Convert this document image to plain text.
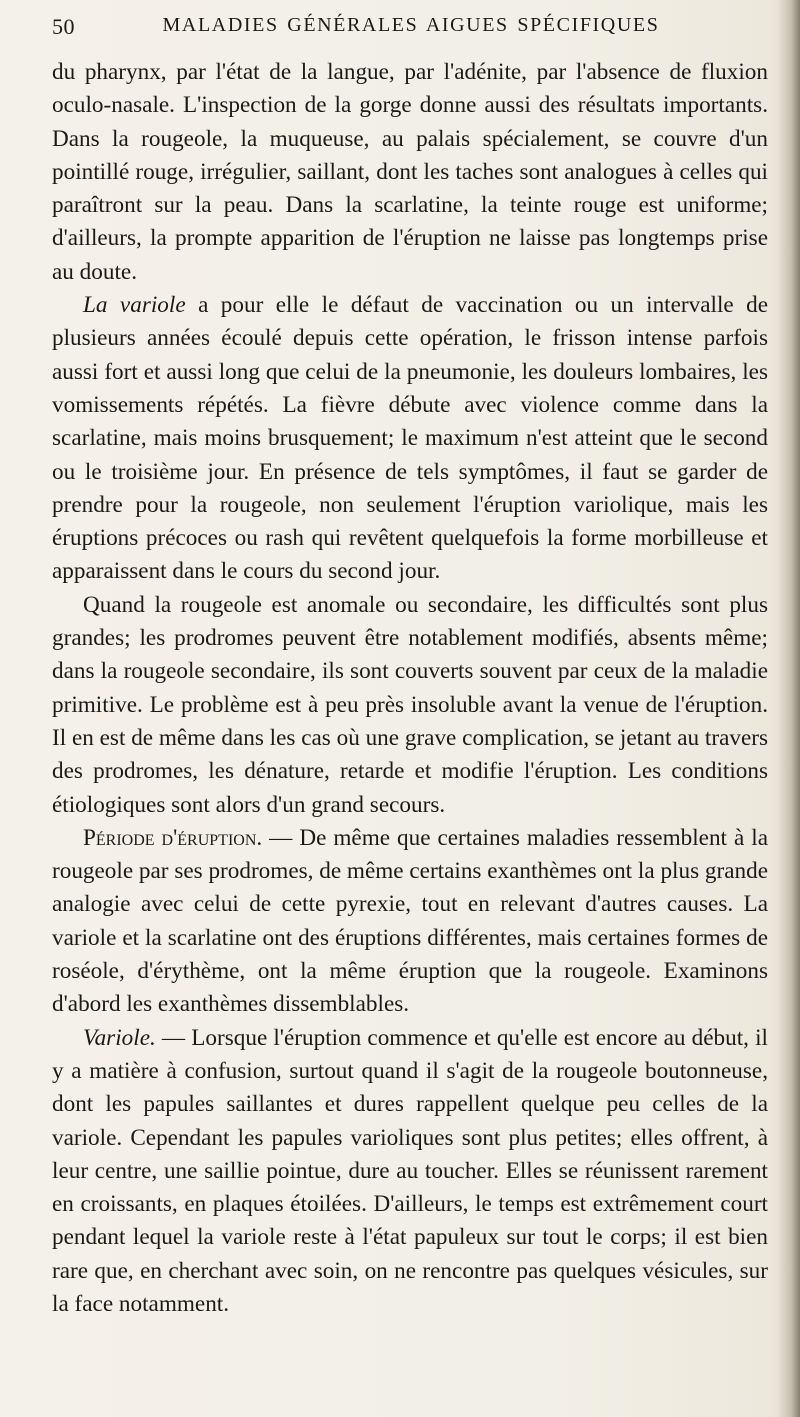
50	MALADIES GÉNÉRALES AIGUES SPÉCIFIQUES

du pharynx, par l'état de la langue, par l'adénite, par l'absence de fluxion oculo-nasale. L'inspection de la gorge donne aussi des résultats importants. Dans la rougeole, la muqueuse, au palais spécialement, se couvre d'un pointillé rouge, irrégulier, saillant, dont les taches sont analogues à celles qui paraîtront sur la peau. Dans la scarlatine, la teinte rouge est uniforme; d'ailleurs, la prompte apparition de l'éruption ne laisse pas longtemps prise au doute.

La variole a pour elle le défaut de vaccination ou un intervalle de plusieurs années écoulé depuis cette opération, le frisson intense parfois aussi fort et aussi long que celui de la pneumonie, les douleurs lombaires, les vomissements répétés. La fièvre débute avec violence comme dans la scarlatine, mais moins brusquement; le maximum n'est atteint que le second ou le troisième jour. En présence de tels symptômes, il faut se garder de prendre pour la rougeole, non seulement l'éruption variolique, mais les éruptions précoces ou rash qui revêtent quelquefois la forme morbilleuse et apparaissent dans le cours du second jour.

Quand la rougeole est anomale ou secondaire, les difficultés sont plus grandes; les prodromes peuvent être notablement modifiés, absents même; dans la rougeole secondaire, ils sont couverts souvent par ceux de la maladie primitive. Le problème est à peu près insoluble avant la venue de l'éruption. Il en est de même dans les cas où une grave complication, se jetant au travers des prodromes, les dénature, retarde et modifie l'éruption. Les conditions étiologiques sont alors d'un grand secours.

Période d'éruption. — De même que certaines maladies ressemblent à la rougeole par ses prodromes, de même certains exanthèmes ont la plus grande analogie avec celui de cette pyrexie, tout en relevant d'autres causes. La variole et la scarlatine ont des éruptions différentes, mais certaines formes de roséole, d'érythème, ont la même éruption que la rougeole. Examinons d'abord les exanthèmes dissemblables.

Variole. — Lorsque l'éruption commence et qu'elle est encore au début, il y a matière à confusion, surtout quand il s'agit de la rougeole boutonneuse, dont les papules saillantes et dures rappellent quelque peu celles de la variole. Cependant les papules varioliques sont plus petites; elles offrent, à leur centre, une saillie pointue, dure au toucher. Elles se réunissent rarement en croissants, en plaques étoilées. D'ailleurs, le temps est extrêmement court pendant lequel la variole reste à l'état papuleux sur tout le corps; il est bien rare que, en cherchant avec soin, on ne rencontre pas quelques vésicules, sur la face notamment.
